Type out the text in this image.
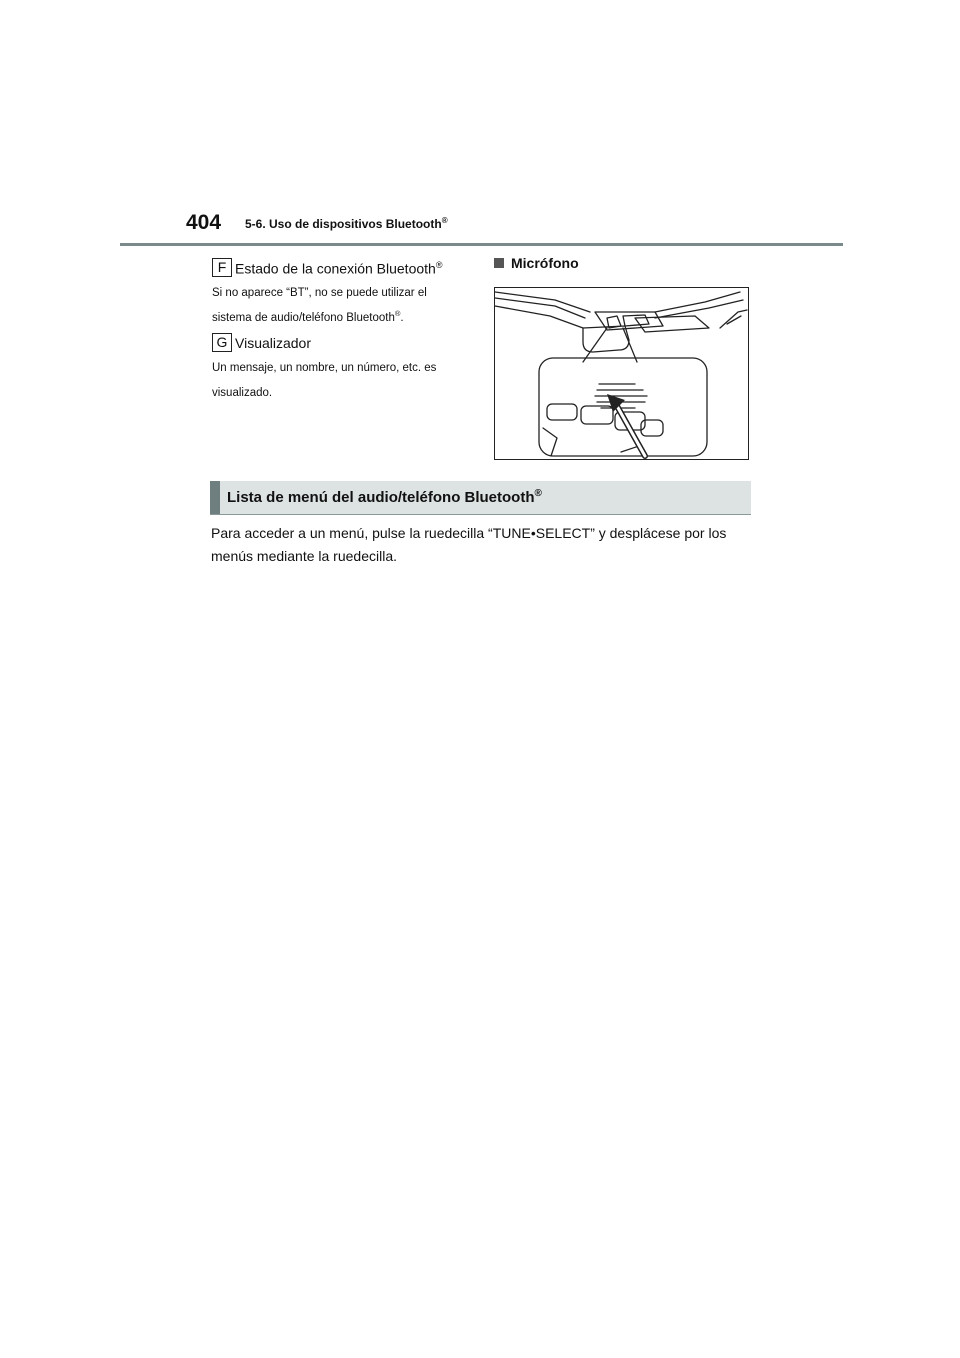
404 5-6. Uso de dispositivos Bluetooth®
F Estado de la conexión Bluetooth®
Si no aparece “BT”, no se puede utilizar el
sistema de audio/teléfono Bluetooth®.
G Visualizador
Un mensaje, un nombre, un número, etc. es
visualizado.
Micrófono
Lista de menú del audio/teléfono Bluetooth®
Para acceder a un menú, pulse la ruedecilla “TUNE•SELECT” y desplácese por los
menús mediante la ruedecilla.
